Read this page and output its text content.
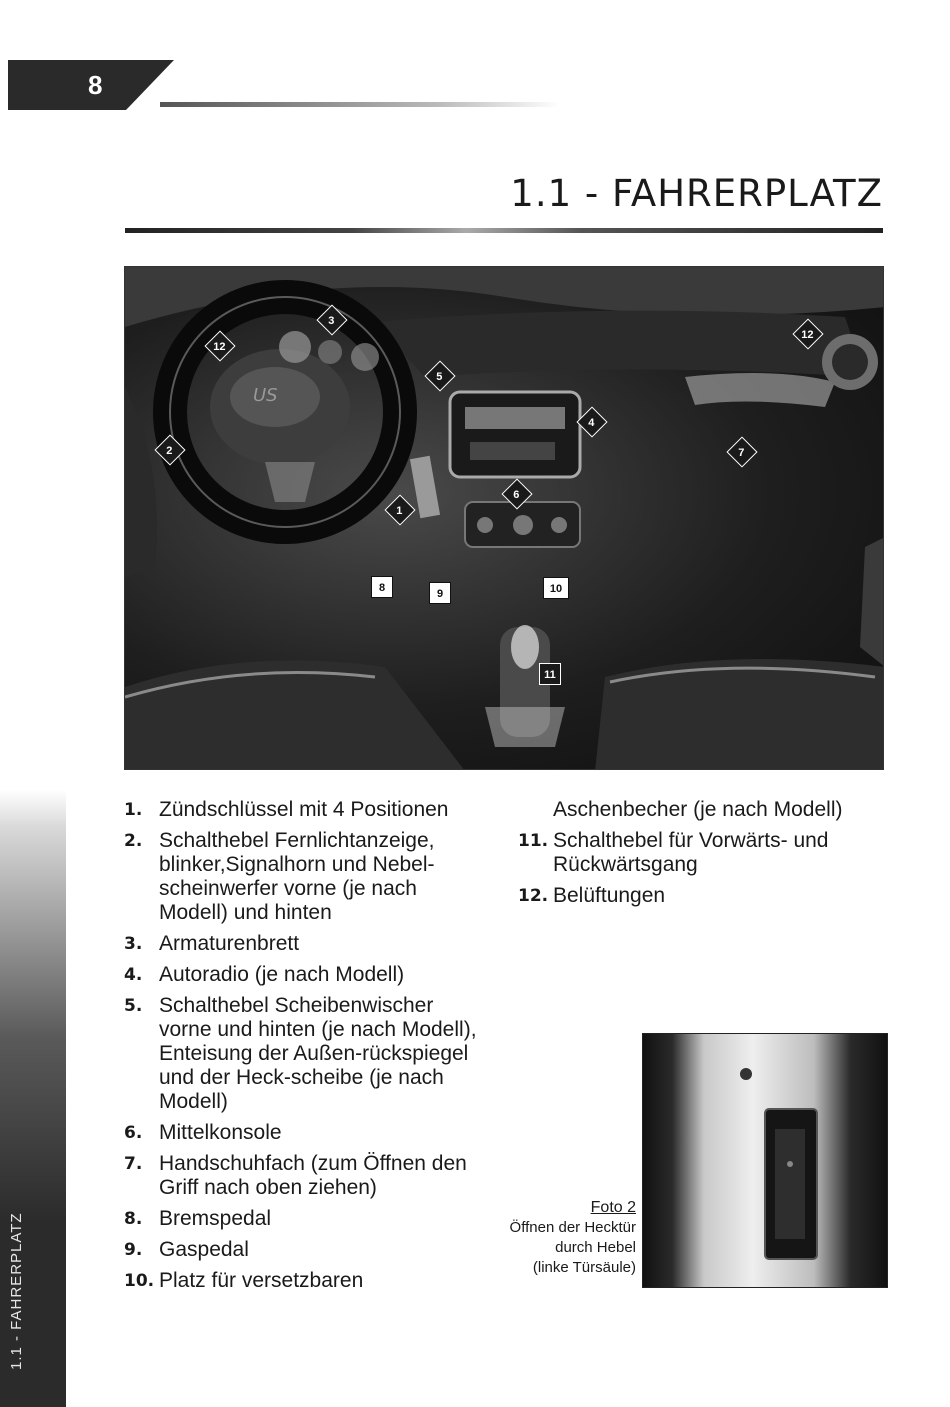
8
1.1 - FAHRERPLATZ
US
3
12
12
5
4
2	7
6
1
8	9	10
11
1. Zündschlüssel mit 4 Positionen
2. Schalthebel Fernlichtanzeige, blinker,Signalhorn und Nebel-scheinwerfer vorne (je nach Modell) und hinten
3. Armaturenbrett
4. Autoradio (je nach Modell)
5. Schalthebel Scheibenwischer vorne und hinten (je nach Modell), Enteisung der Außen-rückspiegel und der Heck-scheibe (je nach Modell)
6. Mittelkonsole
7. Handschuhfach (zum Öffnen den Griff nach oben ziehen)
8. Bremspedal
9. Gaspedal
10. Platz für versetzbaren
Aschenbecher (je nach Modell)
11. Schalthebel für Vorwärts- und Rückwärtsgang
12. Belüftungen
Foto 2
Öffnen der Hecktür
durch Hebel
(linke Türsäule)
1.1 - FAHRERPLATZ
